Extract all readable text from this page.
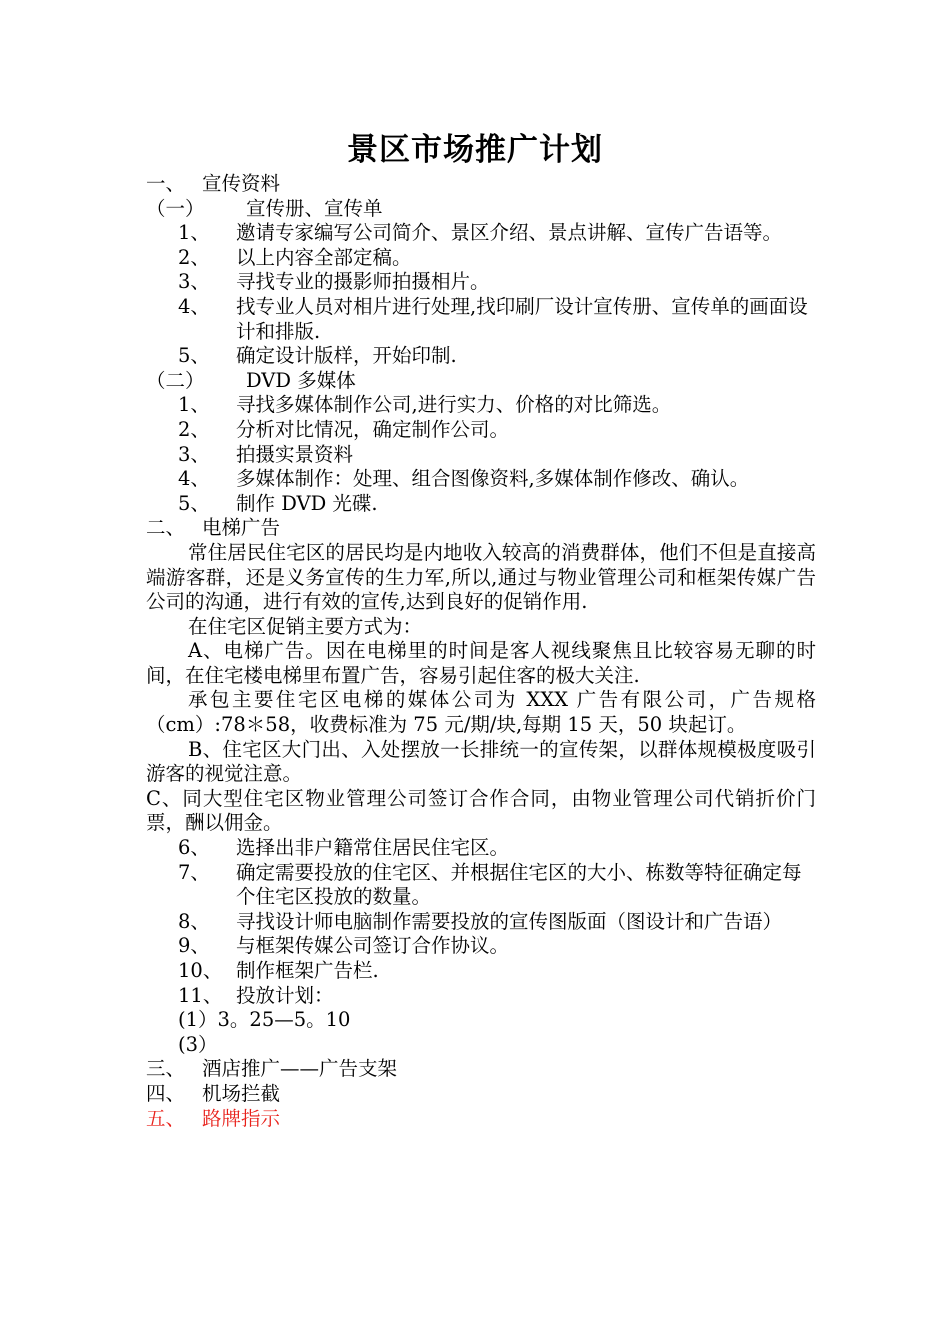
景区市场推广计划
一、 宣传资料
（一） 宣传册、宣传单
1、	邀请专家编写公司简介、景区介绍、景点讲解、宣传广告语等。
2、	以上内容全部定稿。
3、	寻找专业的摄影师拍摄相片。
4、	找专业人员对相片进行处理,找印刷厂设计宣传册、宣传单的画面设计和排版.
5、	确定设计版样，开始印制.
（二） DVD 多媒体
1、	寻找多媒体制作公司,进行实力、价格的对比筛选。
2、	分析对比情况，确定制作公司。
3、	拍摄实景资料
4、	多媒体制作：处理、组合图像资料,多媒体制作修改、确认。
5、	制作 DVD 光碟.
二、 电梯广告
常住居民住宅区的居民均是内地收入较高的消费群体，他们不但是直接高端游客群，还是义务宣传的生力军,所以,通过与物业管理公司和框架传媒广告公司的沟通，进行有效的宣传,达到良好的促销作用.
在住宅区促销主要方式为：
A、电梯广告。因在电梯里的时间是客人视线聚焦且比较容易无聊的时间，在住宅楼电梯里布置广告，容易引起住客的极大关注.
承包主要住宅区电梯的媒体公司为 XXX 广告有限公司，广告规格（cm）:78＊58，收费标准为 75 元/期/块,每期 15 天，50 块起订。
B、住宅区大门出、入处摆放一长排统一的宣传架，以群体规模极度吸引游客的视觉注意。
C、同大型住宅区物业管理公司签订合作合同，由物业管理公司代销折价门票，酬以佣金。
6、	选择出非户籍常住居民住宅区。
7、	确定需要投放的住宅区、并根据住宅区的大小、栋数等特征确定每个住宅区投放的数量。
8、	寻找设计师电脑制作需要投放的宣传图版面（图设计和广告语）
9、	与框架传媒公司签订合作协议。
10、 制作框架广告栏.
11、 投放计划：
(1）3。25—5。10
(3）
三、 酒店推广——广告支架
四、 机场拦截
五、 路牌指示
